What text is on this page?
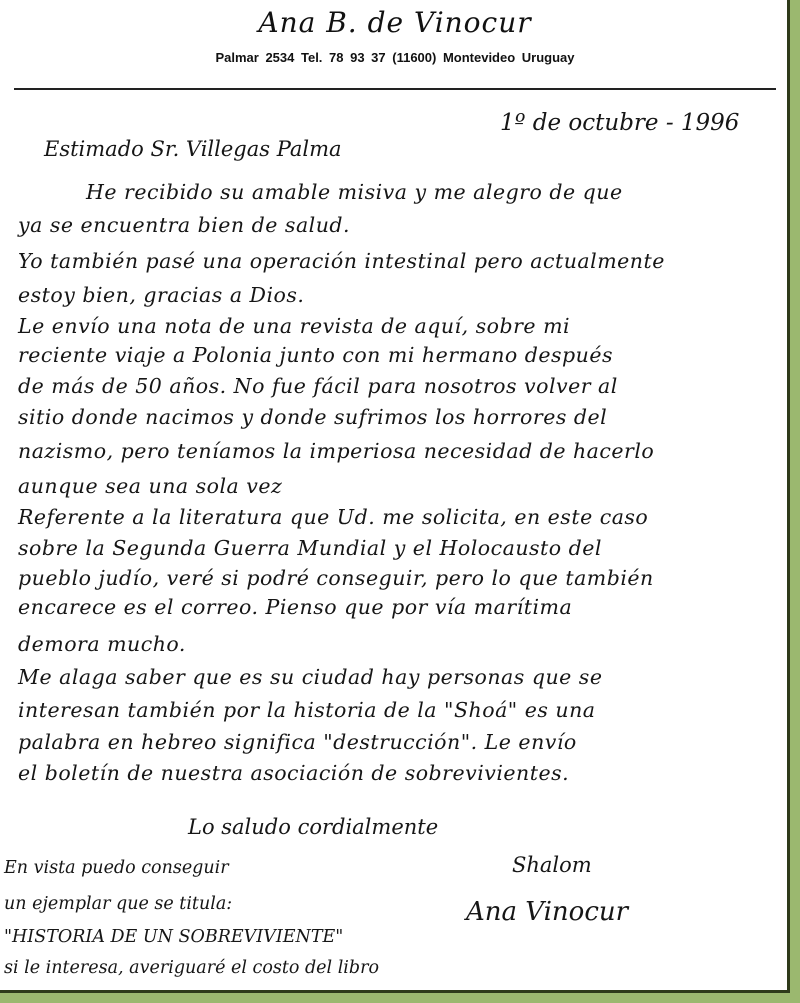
Ana B. de Vinocur
Palmar 2534 Tel. 78 93 37 (11600) Montevideo Uruguay
1º de octubre - 1996
Estimado Sr. Villegas Palma
He recibido su amable misiva y me alegro de que
ya se encuentra bien de salud.
Yo también pasé una operación intestinal pero actualmente
estoy bien, gracias a Dios.
Le envío una nota de una revista de aquí, sobre mi
reciente viaje a Polonia junto con mi hermano después
de más de 50 años. No fue fácil para nosotros volver al
sitio donde nacimos y donde sufrimos los horrores del
nazismo, pero teníamos la imperiosa necesidad de hacerlo
aunque sea una sola vez
Referente a la literatura que Ud. me solicita, en este caso
sobre la Segunda Guerra Mundial y el Holocausto del
pueblo judío, veré si podré conseguir, pero lo que también
encarece es el correo. Pienso que por vía marítima
demora mucho.
Me alaga saber que es su ciudad hay personas que se
interesan también por la historia de la "Shoá" es una
palabra en hebreo significa "destrucción". Le envío
el boletín de nuestra asociación de sobrevivientes.
Lo saludo cordialmente
Shalom
Ana Vinocur
En vista puedo conseguir
un ejemplar que se titula:
"HISTORIA DE UN SOBREVIVIENTE"
si le interesa, averiguaré el costo del libro
